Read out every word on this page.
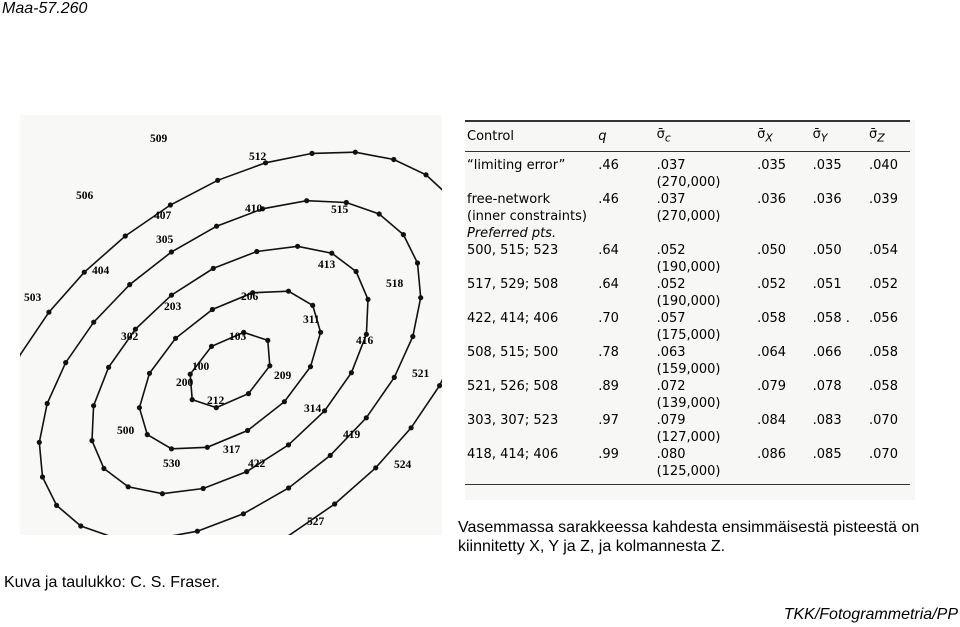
Maa-57.260
509
512
506
407
410	515
305
413
404
518
503
203
206
311
302	103	416
100
209	521
200
212
314
500	419
317
530	422	524
527
Control	q	$\sigmā_c$	$\sigmā_X$	$\sigmā_Y$	$\sigmā_Z$
“limiting error”	.46	.037	.035	.035	.040
		(270,000)			
free-network	.46	.037	.036	.036	.039
(inner constraints)		(270,000)			
Preferred pts.					
500, 515; 523	.64	.052	.050	.050	.054
		(190,000)			
517, 529; 508	.64	.052	.052	.051	.052
		(190,000)			
422, 414; 406	.70	.057	.058	.058 .	.056
		(175,000)			
508, 515; 500	.78	.063	.064	.066	.058
		(159,000)			
521, 526; 508	.89	.072	.079	.078	.058
		(139,000)			
303, 307; 523	.97	.079	.084	.083	.070
		(127,000)			
418, 414; 406	.99	.080	.086	.085	.070
		(125,000)			
Vasemmassa sarakkeessa kahdesta ensimmäisestä pisteestä on kiinnitetty X, Y ja Z, ja kolmannesta Z.
Kuva ja taulukko: C. S. Fraser.
TKK/Fotogrammetria/PP
